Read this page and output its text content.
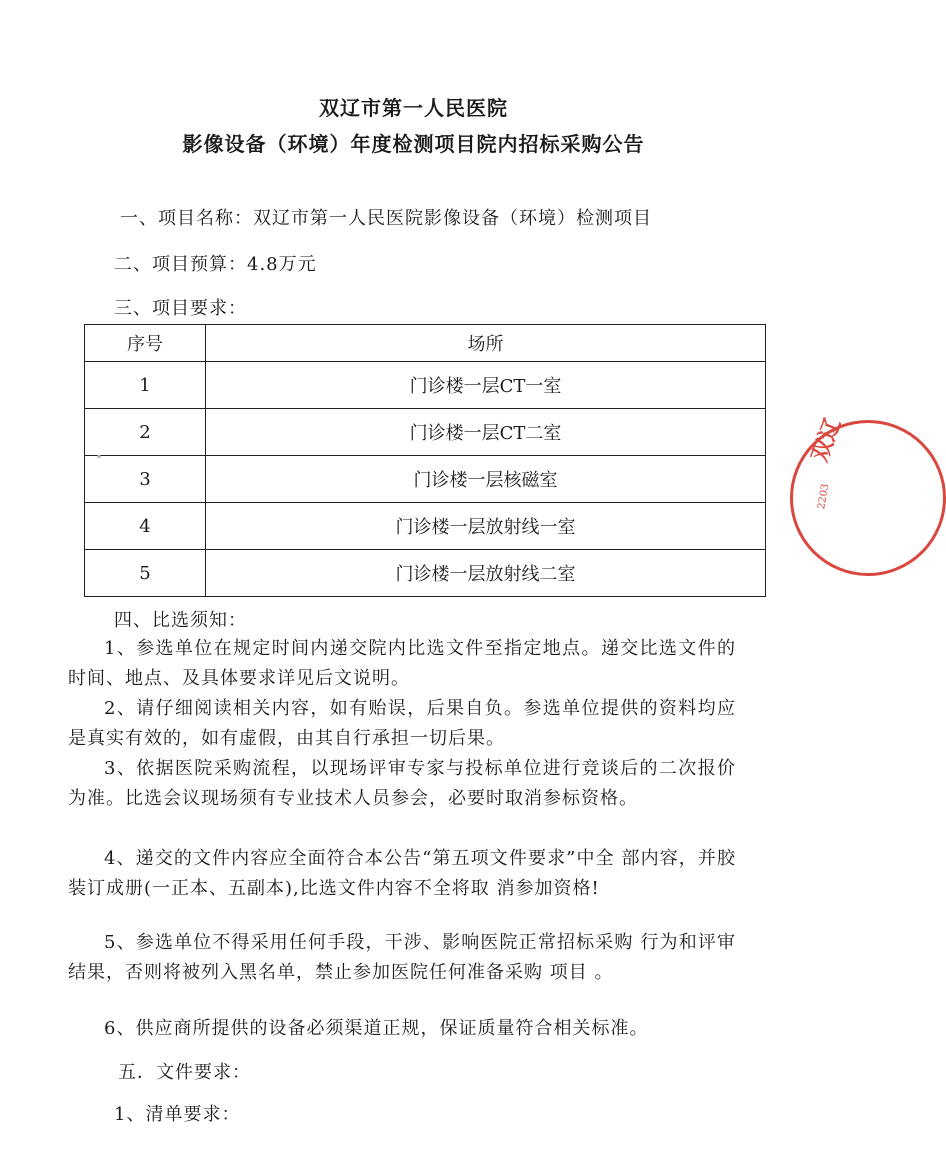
双辽市第一人民医院
影像设备（环境）年度检测项目院内招标采购公告
一、项目名称：双辽市第一人民医院影像设备（环境）检测项目
二、项目预算：4.8万元
三、项目要求：
序号	场所
1	门诊楼一层CT一室
2	门诊楼一层CT二室
3	门诊楼一层核磁室
4	门诊楼一层放射线一室
5	门诊楼一层放射线二室
四、比选须知：
1、参选单位在规定时间内递交院内比选文件至指定地点。递交比选文件的时间、地点、及具体要求详见后文说明。
2、请仔细阅读相关内容，如有贻误，后果自负。参选单位提供的资料均应是真实有效的，如有虚假，由其自行承担一切后果。
3、依据医院采购流程，以现场评审专家与投标单位进行竞谈后的二次报价为准。比选会议现场须有专业技术人员参会，必要时取消参标资格。
4、递交的文件内容应全面符合本公告“第五项文件要求”中全 部内容，并胶装订成册(一正本、五副本),比选文件内容不全将取 消参加资格!
5、参选单位不得采用任何手段，干涉、影响医院正常招标采购 行为和评审结果，否则将被列入黑名单，禁止参加医院任何准备采购 项目 。
6、供应商所提供的设备必须渠道正规，保证质量符合相关标准。
五．文件要求：
1、清单要求：
双辽
2203
